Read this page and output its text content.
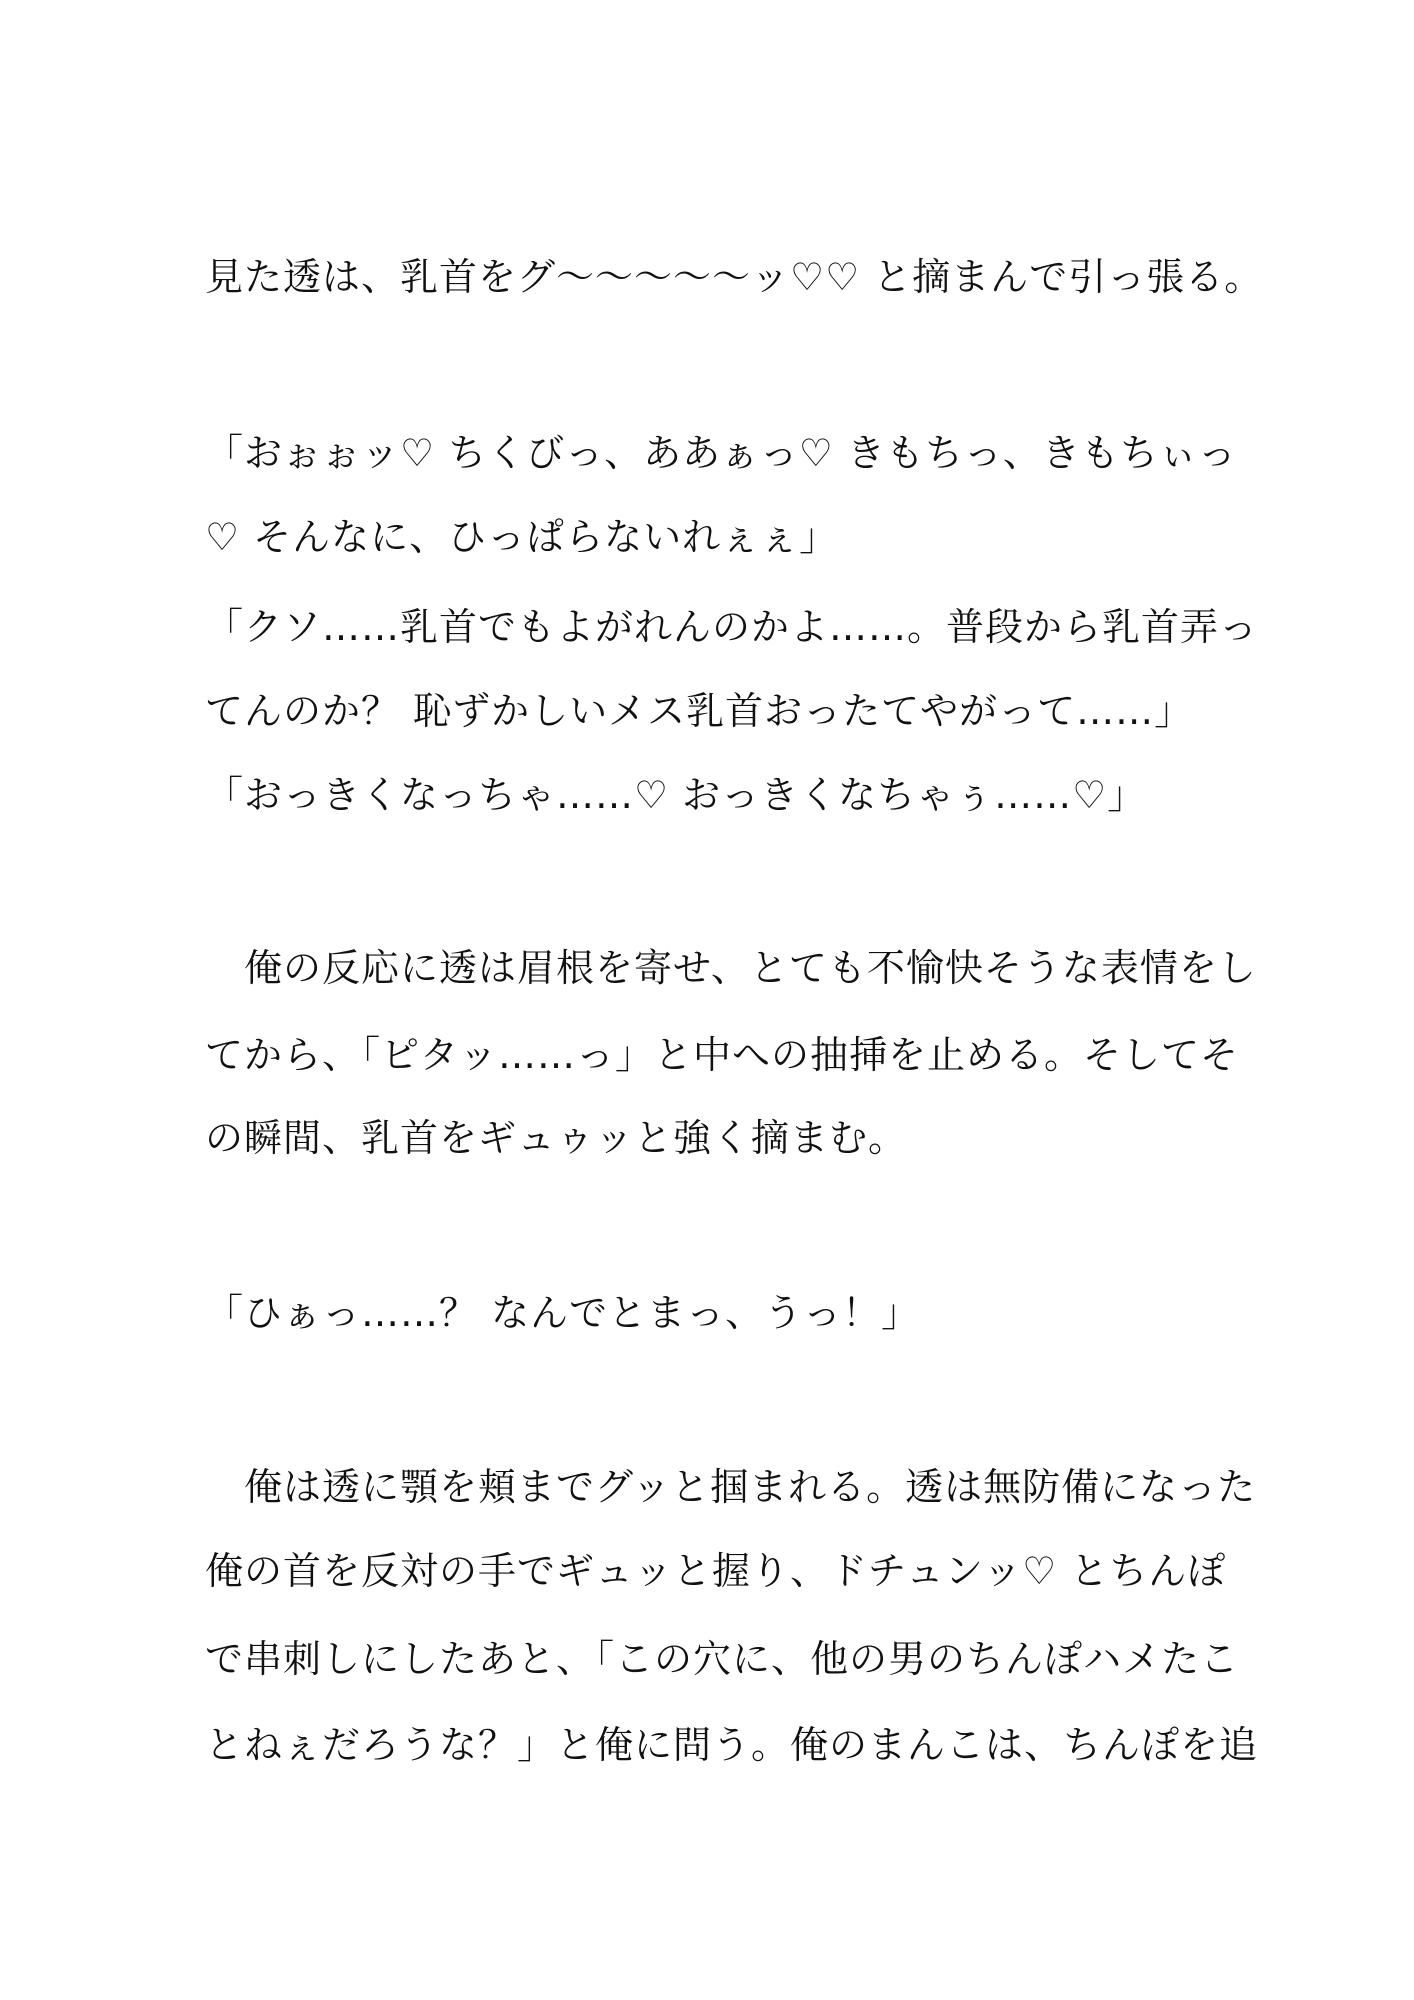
見た透は、乳首をグ〜〜〜〜〜ッ♡♡ と摘まんで引っ張る。
「おぉぉッ♡ ちくびっ、ああぁっ♡ きもちっ、きもちぃっ
♡ そんなに、ひっぱらないれぇぇ」
「クソ……乳首でもよがれんのかよ……。普段から乳首弄っ
てんのか？ 恥ずかしいメス乳首おったてやがって……」
「おっきくなっちゃ……♡ おっきくなちゃぅ……♡」
　俺の反応に透は眉根を寄せ、とても不愉快そうな表情をし
てから、「ピタッ……っ」と中への抽挿を止める。そしてそ
の瞬間、乳首をギュゥッと強く摘まむ。
「ひぁっ……？ なんでとまっ、うっ！」
　俺は透に顎を頬までグッと掴まれる。透は無防備になった
俺の首を反対の手でギュッと握り、ドチュンッ♡ とちんぽ
で串刺しにしたあと、「この穴に、他の男のちんぽハメたこ
とねぇだろうな？」と俺に問う。俺のまんこは、ちんぽを追
